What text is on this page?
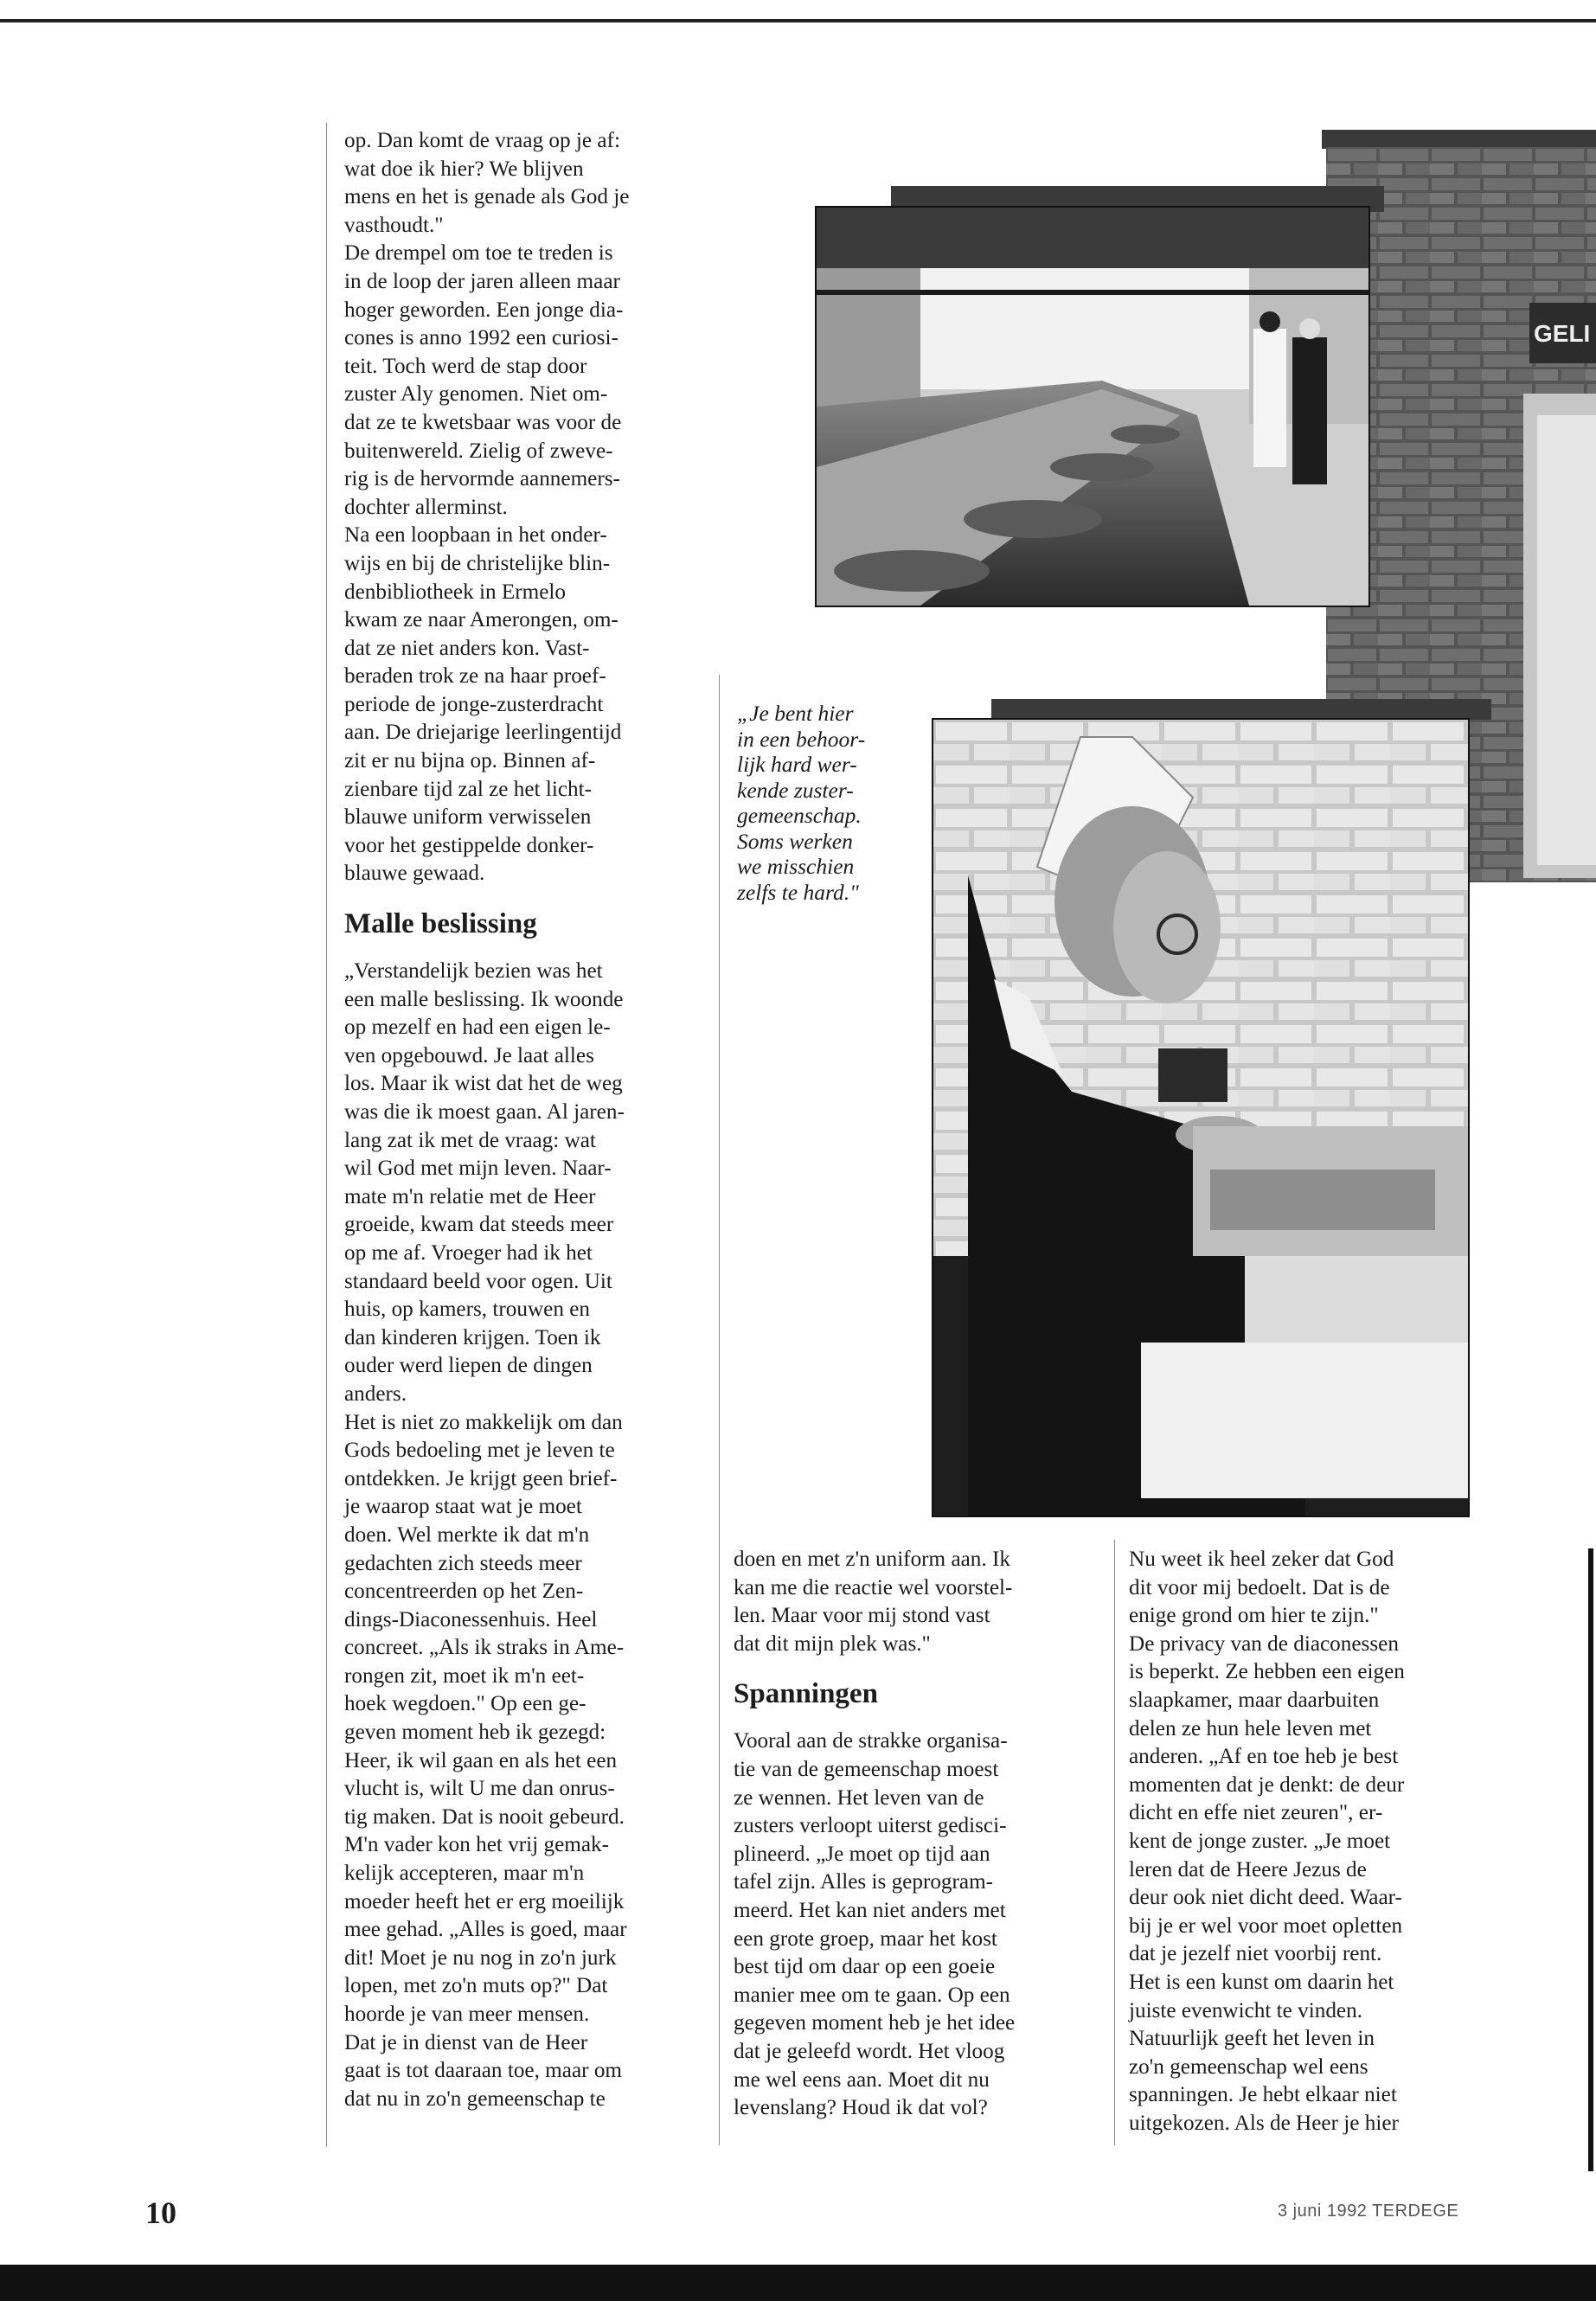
op. Dan komt de vraag op je af:
wat doe ik hier? We blijven
mens en het is genade als God je
vasthoudt."
De drempel om toe te treden is
in de loop der jaren alleen maar
hoger geworden. Een jonge dia-
cones is anno 1992 een curiosi-
teit. Toch werd de stap door
zuster Aly genomen. Niet om-
dat ze te kwetsbaar was voor de
buitenwereld. Zielig of zweve-
rig is de hervormde aannemers-
dochter allerminst.
Na een loopbaan in het onder-
wijs en bij de christelijke blin-
denbibliotheek in Ermelo
kwam ze naar Amerongen, om-
dat ze niet anders kon. Vast-
beraden trok ze na haar proef-
periode de jonge-zusterdracht
aan. De driejarige leerlingentijd
zit er nu bijna op. Binnen af-
zienbare tijd zal ze het licht-
blauwe uniform verwisselen
voor het gestippelde donker-
blauwe gewaad.

Malle beslissing

„Verstandelijk bezien was het
een malle beslissing. Ik woonde
op mezelf en had een eigen le-
ven opgebouwd. Je laat alles
los. Maar ik wist dat het de weg
was die ik moest gaan. Al jaren-
lang zat ik met de vraag: wat
wil God met mijn leven. Naar-
mate m'n relatie met de Heer
groeide, kwam dat steeds meer
op me af. Vroeger had ik het
standaard beeld voor ogen. Uit
huis, op kamers, trouwen en
dan kinderen krijgen. Toen ik
ouder werd liepen de dingen
anders.
Het is niet zo makkelijk om dan
Gods bedoeling met je leven te
ontdekken. Je krijgt geen brief-
je waarop staat wat je moet
doen. Wel merkte ik dat m'n
gedachten zich steeds meer
concentreerden op het Zen-
dings-Diaconessenhuis. Heel
concreet. „Als ik straks in Ame-
rongen zit, moet ik m'n eet-
hoek wegdoen." Op een ge-
geven moment heb ik gezegd:
Heer, ik wil gaan en als het een
vlucht is, wilt U me dan onrus-
tig maken. Dat is nooit gebeurd.
M'n vader kon het vrij gemak-
kelijk accepteren, maar m'n
moeder heeft het er erg moeilijk
mee gehad. „Alles is goed, maar
dit! Moet je nu nog in zo'n jurk
lopen, met zo'n muts op?" Dat
hoorde je van meer mensen.
Dat je in dienst van de Heer
gaat is tot daaraan toe, maar om
dat nu in zo'n gemeenschap te

„Je bent hier
in een behoor-
lijk hard wer-
kende zuster-
gemeenschap.
Soms werken
we misschien
zelfs te hard."

GELI

doen en met z'n uniform aan. Ik
kan me die reactie wel voorstel-
len. Maar voor mij stond vast
dat dit mijn plek was."

Spanningen

Vooral aan de strakke organisa-
tie van de gemeenschap moest
ze wennen. Het leven van de
zusters verloopt uiterst gedisci-
plineerd. „Je moet op tijd aan
tafel zijn. Alles is geprogram-
meerd. Het kan niet anders met
een grote groep, maar het kost
best tijd om daar op een goeie
manier mee om te gaan. Op een
gegeven moment heb je het idee
dat je geleefd wordt. Het vloog
me wel eens aan. Moet dit nu
levenslang? Houd ik dat vol?

Nu weet ik heel zeker dat God
dit voor mij bedoelt. Dat is de
enige grond om hier te zijn."
De privacy van de diaconessen
is beperkt. Ze hebben een eigen
slaapkamer, maar daarbuiten
delen ze hun hele leven met
anderen. „Af en toe heb je best
momenten dat je denkt: de deur
dicht en effe niet zeuren", er-
kent de jonge zuster. „Je moet
leren dat de Heere Jezus de
deur ook niet dicht deed. Waar-
bij je er wel voor moet opletten
dat je jezelf niet voorbij rent.
Het is een kunst om daarin het
juiste evenwicht te vinden.
Natuurlijk geeft het leven in
zo'n gemeenschap wel eens
spanningen. Je hebt elkaar niet
uitgekozen. Als de Heer je hier

10	3 juni 1992 TERDEGE
